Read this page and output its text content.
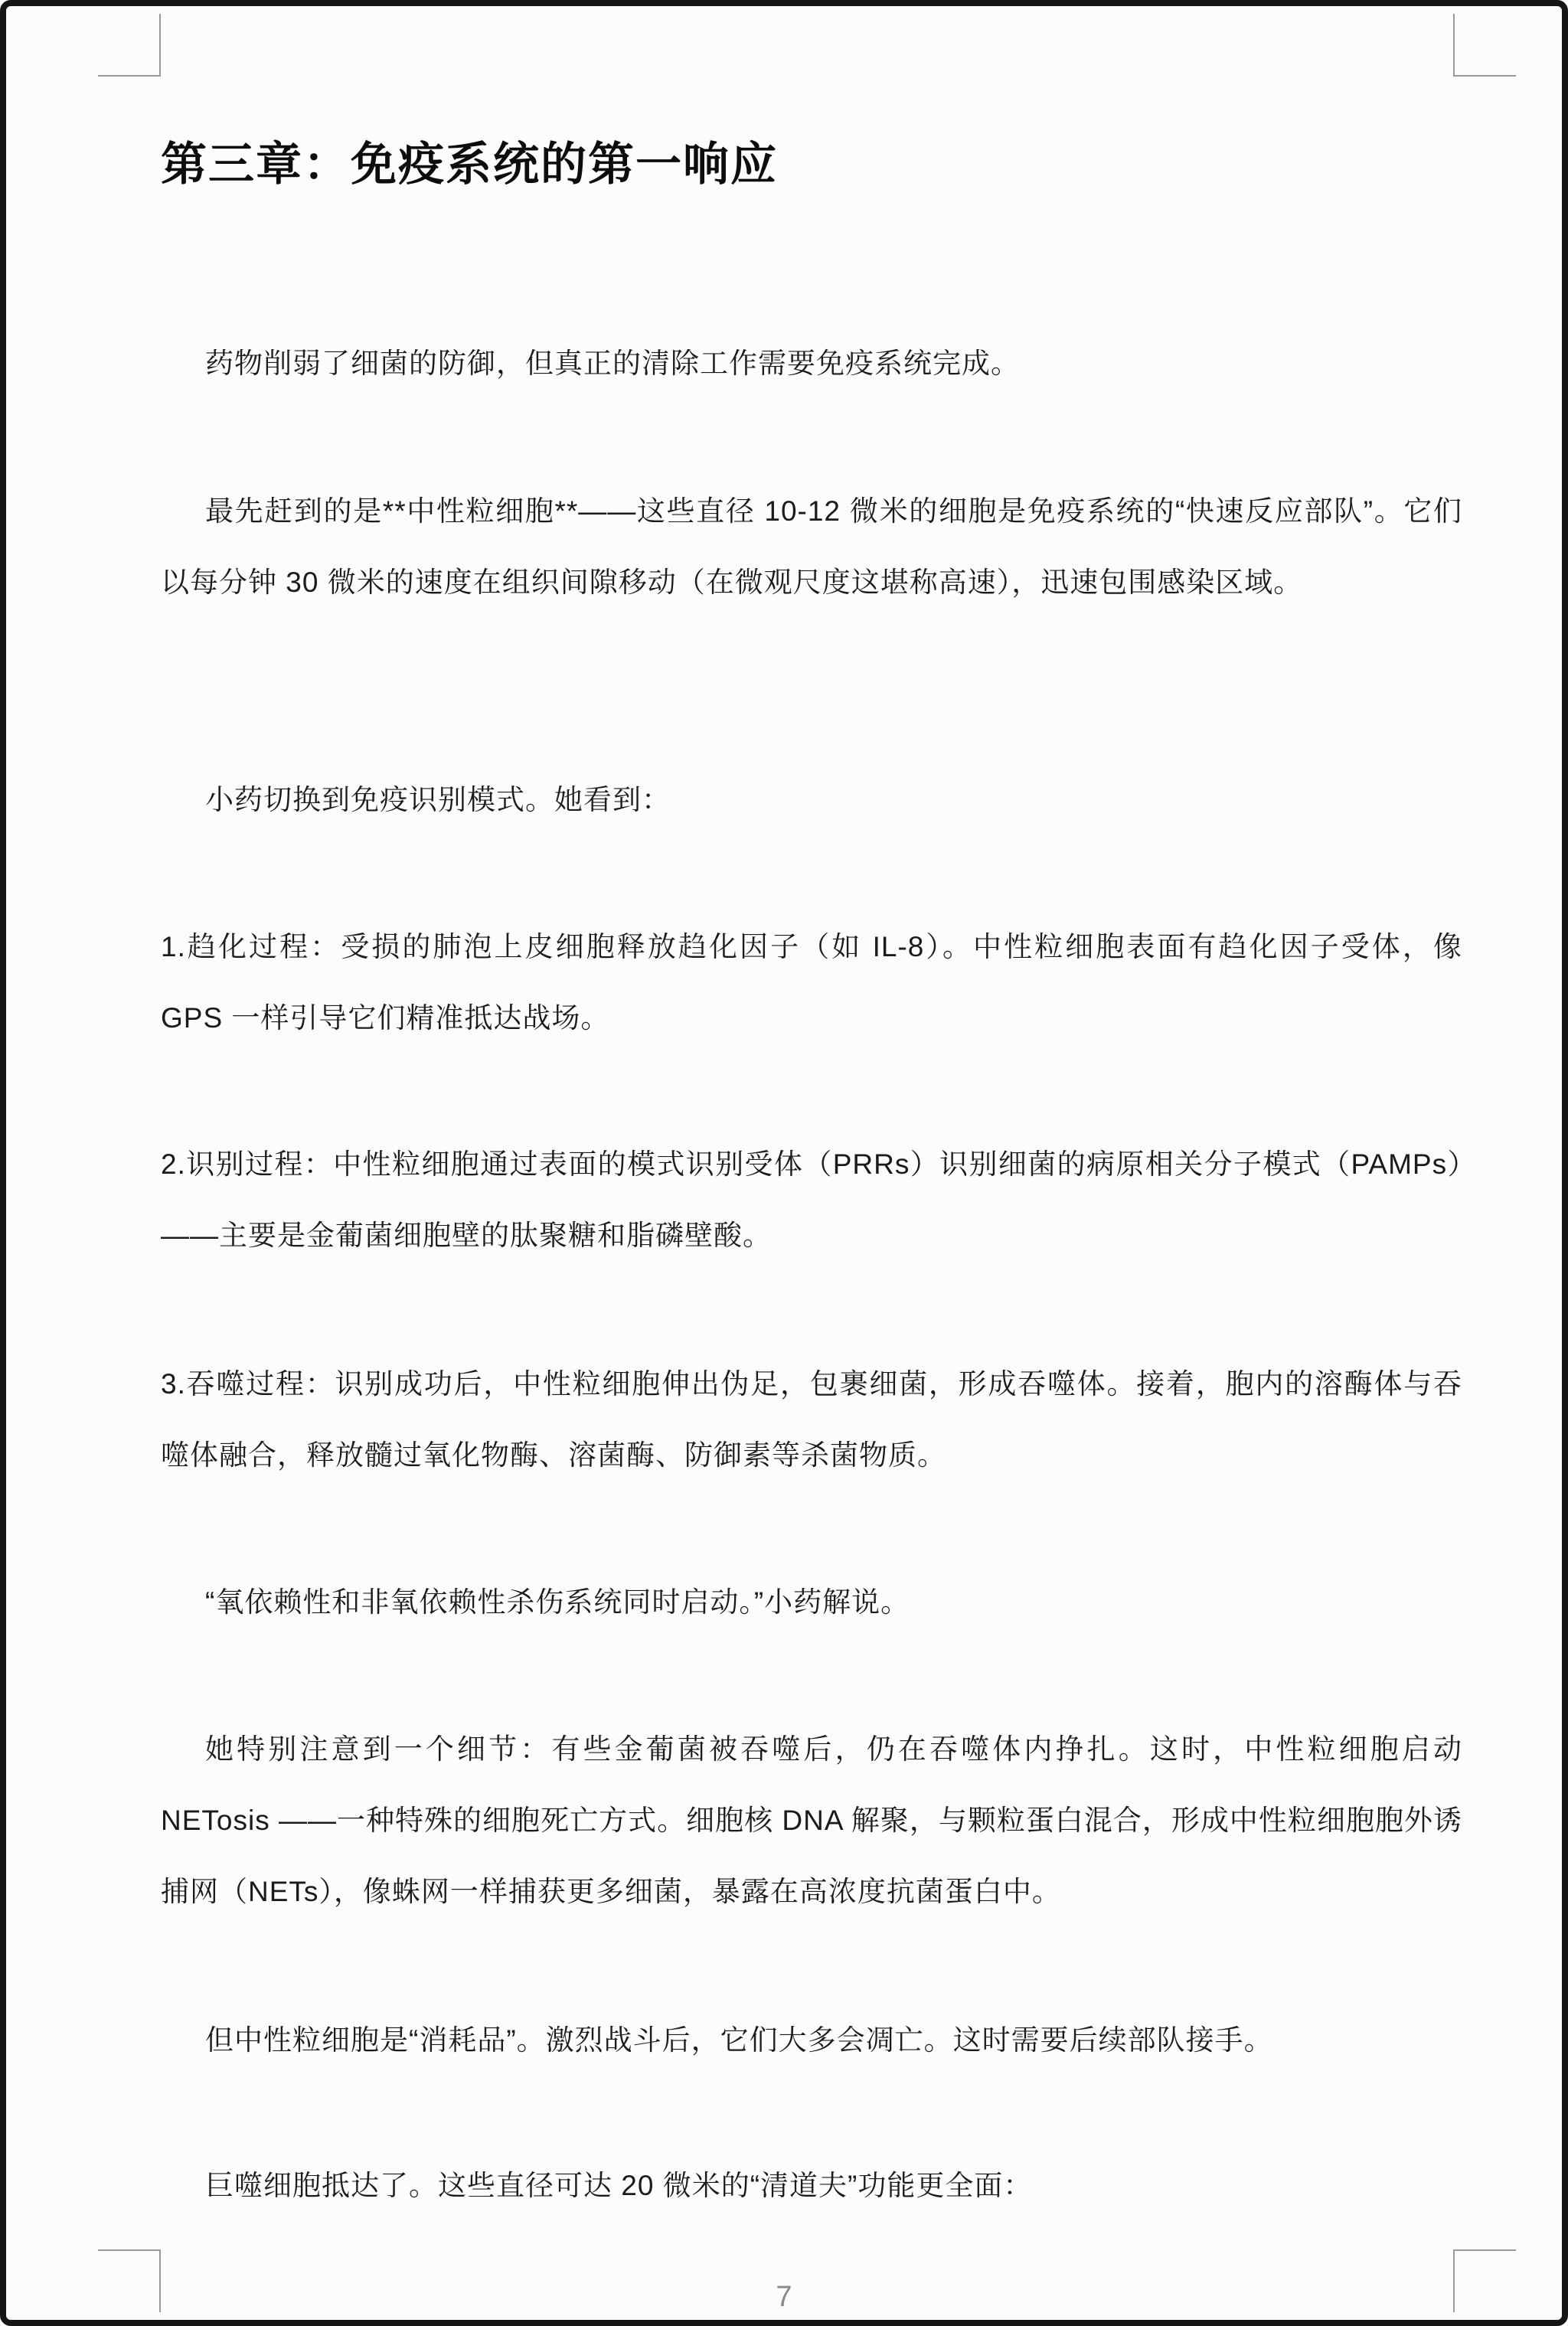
第三章：免疫系统的第一响应

药物削弱了细菌的防御，但真正的清除工作需要免疫系统完成。

最先赶到的是**中性粒细胞**——这些直径 10-12 微米的细胞是免疫系统的“快速反应部队”。它们以每分钟 30 微米的速度在组织间隙移动（在微观尺度这堪称高速），迅速包围感染区域。

小药切换到免疫识别模式。她看到：

1.趋化过程：受损的肺泡上皮细胞释放趋化因子（如 IL-8）。中性粒细胞表面有趋化因子受体，像 GPS 一样引导它们精准抵达战场。

2.识别过程：中性粒细胞通过表面的模式识别受体（PRRs）识别细菌的病原相关分子模式（PAMPs）——主要是金葡菌细胞壁的肽聚糖和脂磷壁酸。

3.吞噬过程：识别成功后，中性粒细胞伸出伪足，包裹细菌，形成吞噬体。接着，胞内的溶酶体与吞噬体融合，释放髓过氧化物酶、溶菌酶、防御素等杀菌物质。

“氧依赖性和非氧依赖性杀伤系统同时启动。”小药解说。

她特别注意到一个细节：有些金葡菌被吞噬后，仍在吞噬体内挣扎。这时，中性粒细胞启动 NETosis ——一种特殊的细胞死亡方式。细胞核 DNA 解聚，与颗粒蛋白混合，形成中性粒细胞胞外诱捕网（NETs），像蛛网一样捕获更多细菌，暴露在高浓度抗菌蛋白中。

但中性粒细胞是“消耗品”。激烈战斗后，它们大多会凋亡。这时需要后续部队接手。

巨噬细胞抵达了。这些直径可达 20 微米的“清道夫”功能更全面：

7
